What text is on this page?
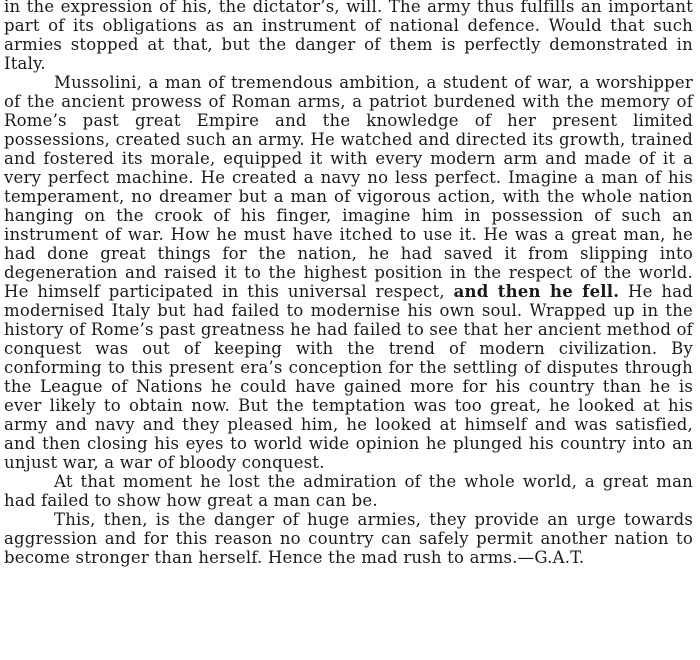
in the expression of his, the dictator’s, will. The army thus fulfills an important part of its obligations as an instrument of national defence. Would that such armies stopped at that, but the danger of them is perfectly demonstrated in Italy.

Mussolini, a man of tremendous ambition, a student of war, a worshipper of the ancient prowess of Roman arms, a patriot burdened with the memory of Rome’s past great Empire and the knowledge of her present limited possessions, created such an army. He watched and directed its growth, trained and fostered its morale, equipped it with every modern arm and made of it a very perfect machine. He created a navy no less perfect. Imagine a man of his temperament, no dreamer but a man of vigorous action, with the whole nation hanging on the crook of his finger, imagine him in possession of such an instrument of war. How he must have itched to use it. He was a great man, he had done great things for the nation, he had saved it from slipping into degeneration and raised it to the highest position in the respect of the world. He himself participated in this universal respect, and then he fell. He had modernised Italy but had failed to modernise his own soul. Wrapped up in the history of Rome’s past greatness he had failed to see that her ancient method of conquest was out of keeping with the trend of modern civilization. By conforming to this present era’s conception for the settling of disputes through the League of Nations he could have gained more for his country than he is ever likely to obtain now. But the temptation was too great, he looked at his army and navy and they pleased him, he looked at himself and was satisfied, and then closing his eyes to world wide opinion he plunged his country into an unjust war, a war of bloody conquest.

At that moment he lost the admiration of the whole world, a great man had failed to show how great a man can be.

This, then, is the danger of huge armies, they provide an urge towards aggression and for this reason no country can safely permit another nation to become stronger than herself. Hence the mad rush to arms.—G.A.T.
